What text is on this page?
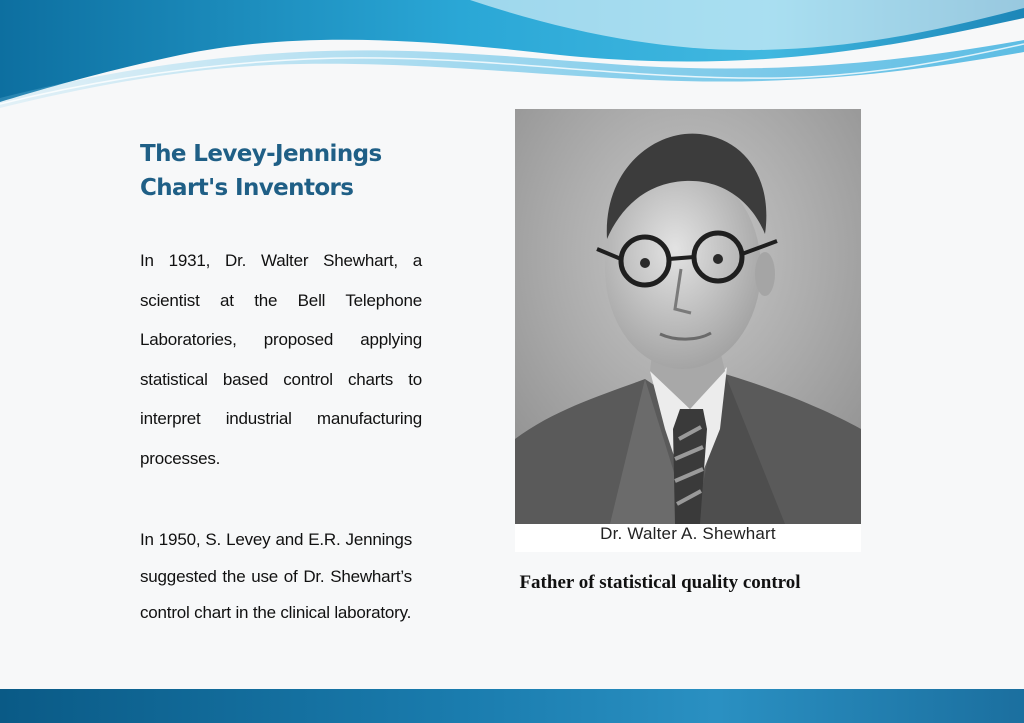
The Levey-Jennings Chart's Inventors

In 1931, Dr. Walter Shewhart, a scientist at the Bell Telephone Laboratories, proposed applying statistical based control charts to interpret industrial manufacturing processes.

In 1950, S. Levey and E.R. Jennings suggested the use of Dr. Shewhart’s control chart in the clinical laboratory.

Dr. Walter A. Shewhart

Father of statistical quality control
